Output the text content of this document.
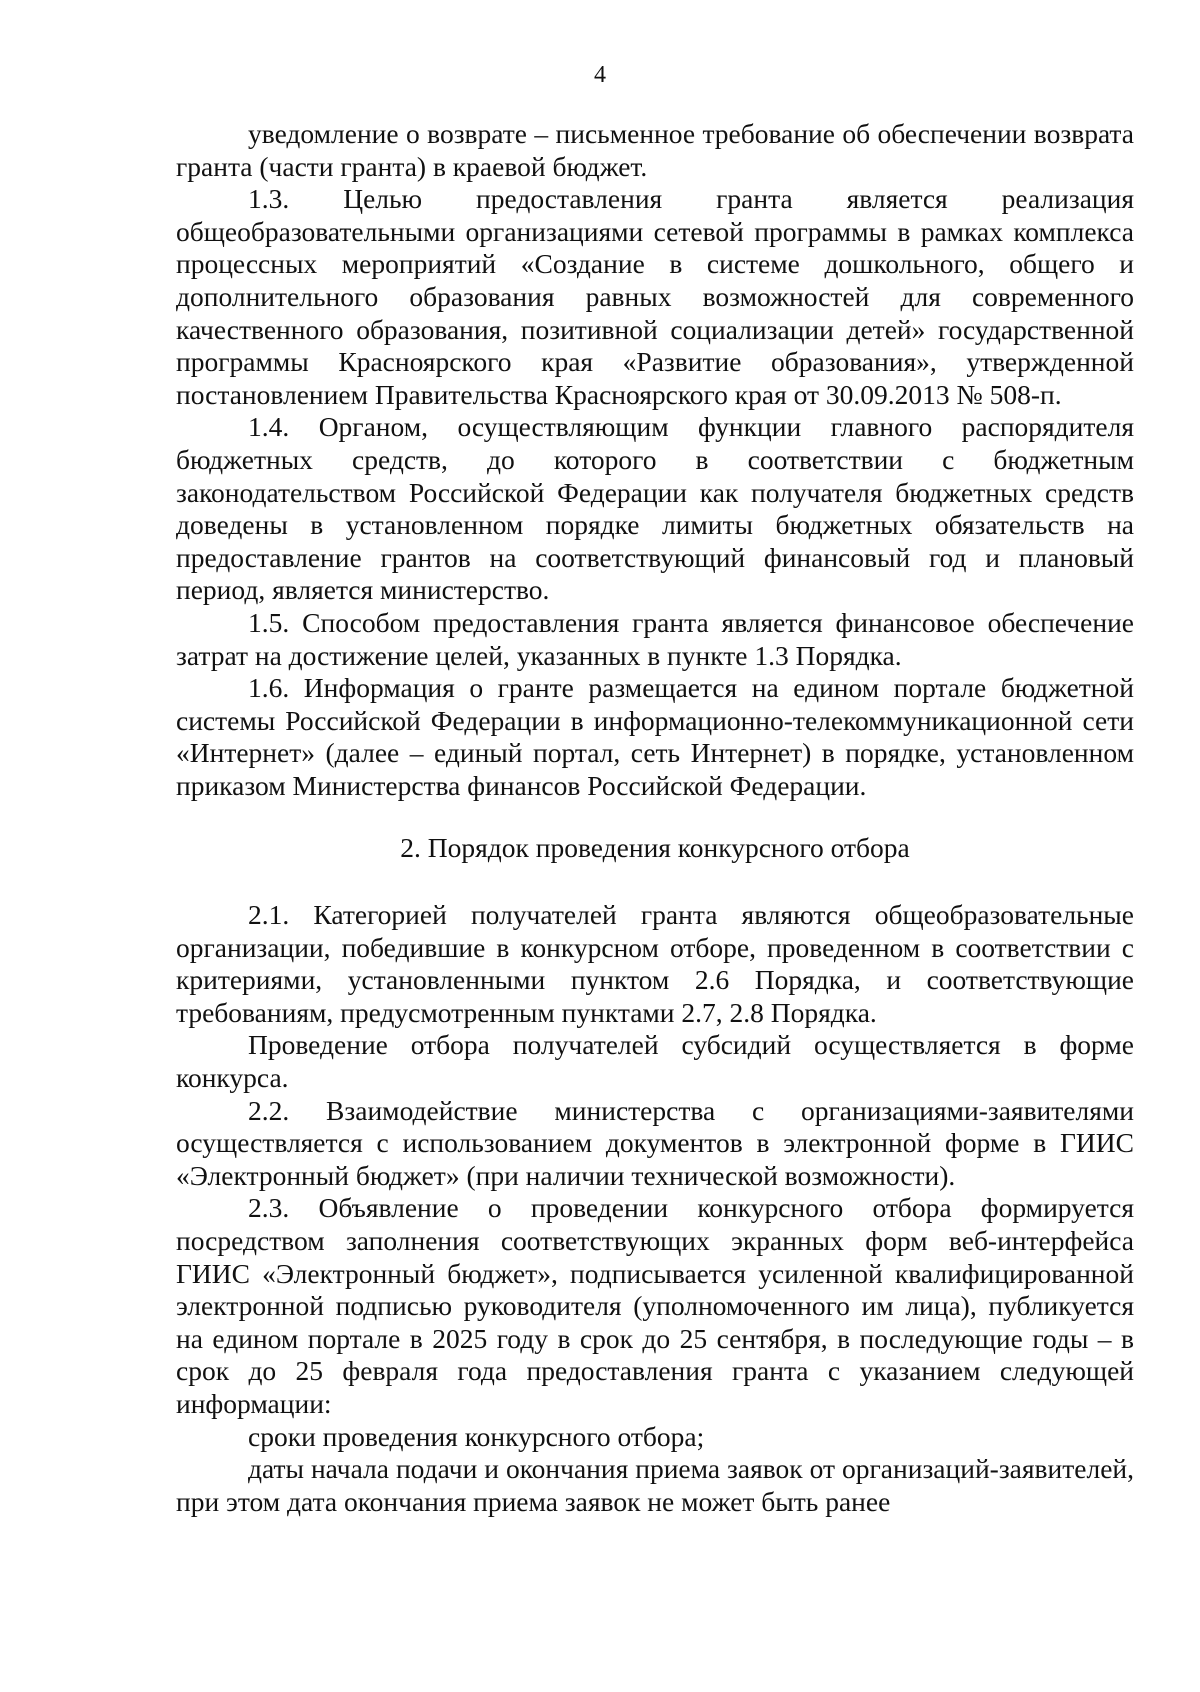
4

уведомление о возврате – письменное требование об обеспечении возврата гранта (части гранта) в краевой бюджет.

1.3. Целью предоставления гранта является реализация общеобразовательными организациями сетевой программы в рамках комплекса процессных мероприятий «Создание в системе дошкольного, общего и дополнительного образования равных возможностей для современного качественного образования, позитивной социализации детей» государственной программы Красноярского края «Развитие образования», утвержденной постановлением Правительства Красноярского края от 30.09.2013 № 508-п.

1.4. Органом, осуществляющим функции главного распорядителя бюджетных средств, до которого в соответствии с бюджетным законодательством Российской Федерации как получателя бюджетных средств доведены в установленном порядке лимиты бюджетных обязательств на предоставление грантов на соответствующий финансовый год и плановый период, является министерство.

1.5. Способом предоставления гранта является финансовое обеспечение затрат на достижение целей, указанных в пункте 1.3 Порядка.

1.6. Информация о гранте размещается на едином портале бюджетной системы Российской Федерации в информационно-телекоммуникационной сети «Интернет» (далее – единый портал, сеть Интернет) в порядке, установленном приказом Министерства финансов Российской Федерации.

2. Порядок проведения конкурсного отбора

2.1. Категорией получателей гранта являются общеобразовательные организации, победившие в конкурсном отборе, проведенном в соответствии с критериями, установленными пунктом 2.6 Порядка, и соответствующие требованиям, предусмотренным пунктами 2.7, 2.8 Порядка.

Проведение отбора получателей субсидий осуществляется в форме конкурса.

2.2. Взаимодействие министерства с организациями-заявителями осуществляется с использованием документов в электронной форме в ГИИС «Электронный бюджет» (при наличии технической возможности).

2.3. Объявление о проведении конкурсного отбора формируется посредством заполнения соответствующих экранных форм веб-интерфейса ГИИС «Электронный бюджет», подписывается усиленной квалифицированной электронной подписью руководителя (уполномоченного им лица), публикуется на едином портале в 2025 году в срок до 25 сентября, в последующие годы – в срок до 25 февраля года предоставления гранта с указанием следующей информации:

сроки проведения конкурсного отбора;

даты начала подачи и окончания приема заявок от организаций-заявителей, при этом дата окончания приема заявок не может быть ранее
